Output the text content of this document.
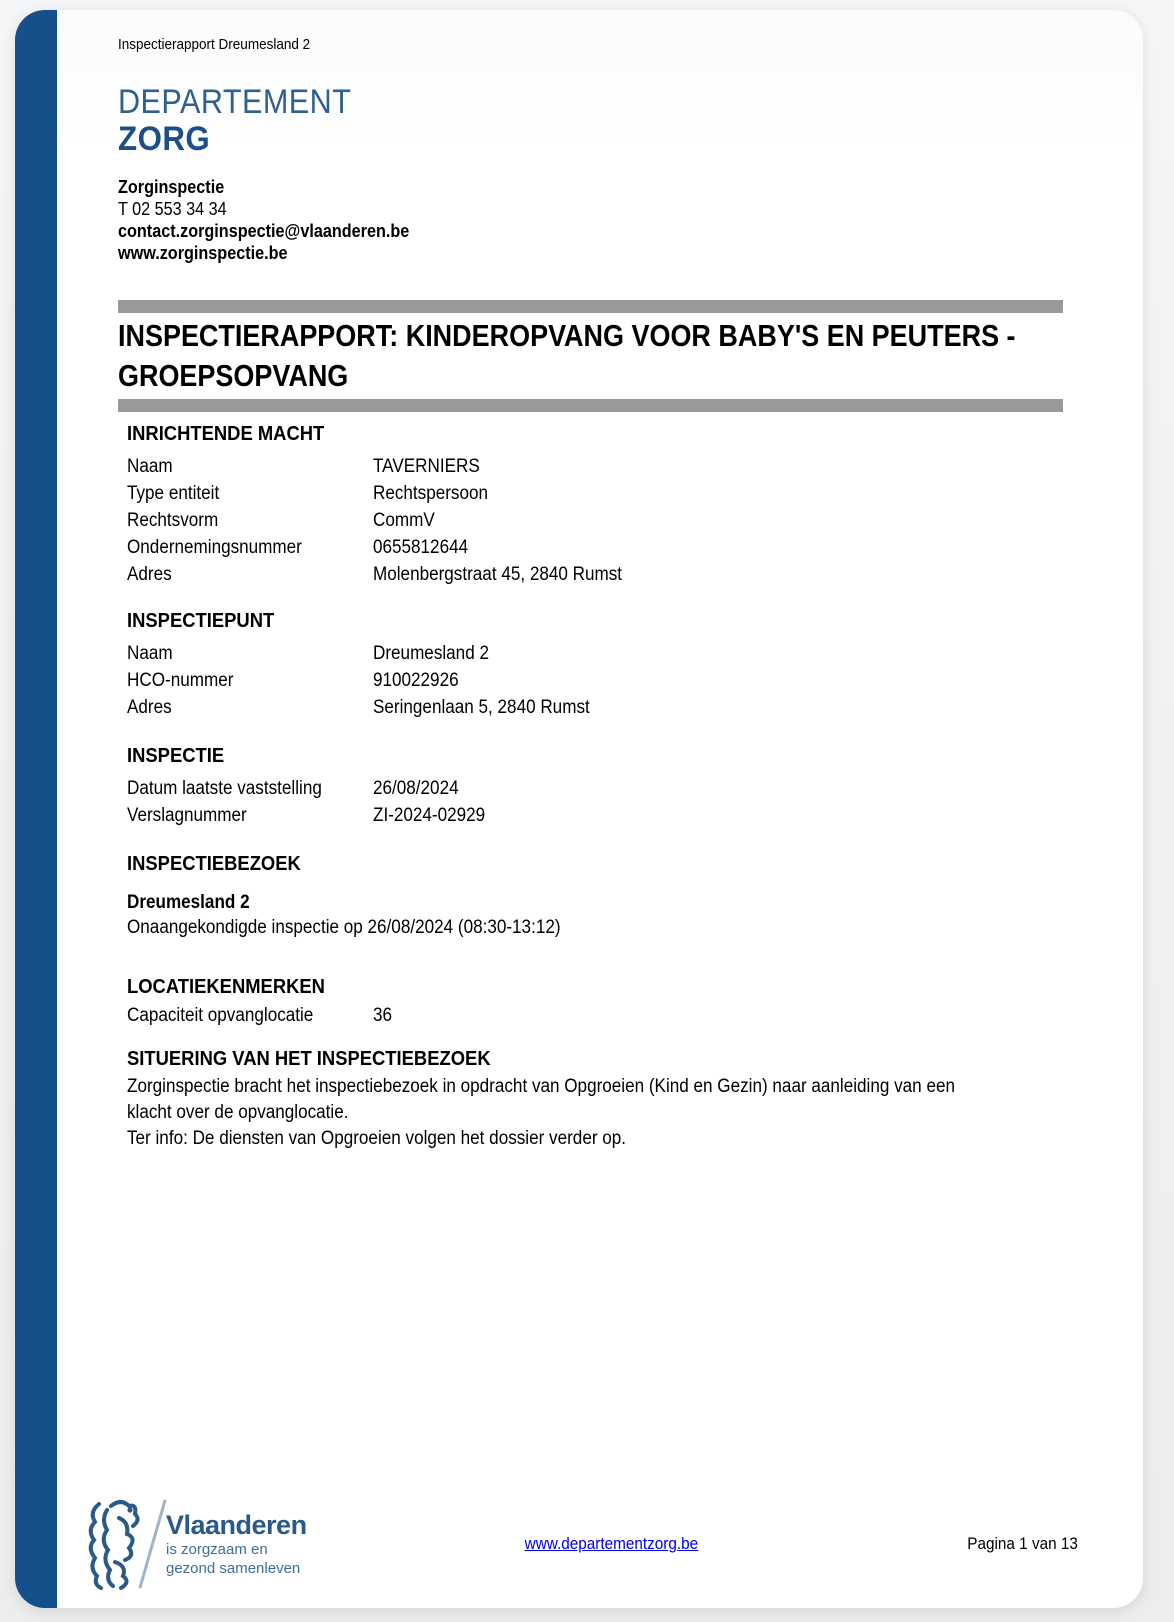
Inspectierapport Dreumesland 2
DEPARTEMENT
ZORG
Zorginspectie
T 02 553 34 34
contact.zorginspectie@vlaanderen.be
www.zorginspectie.be
INSPECTIERAPPORT: KINDEROPVANG VOOR BABY'S EN PEUTERS -
GROEPSOPVANG
INRICHTENDE MACHT
Naam	TAVERNIERS
Type entiteit	Rechtspersoon
Rechtsvorm	CommV
Ondernemingsnummer	0655812644
Adres	Molenbergstraat 45, 2840 Rumst
INSPECTIEPUNT
Naam	Dreumesland 2
HCO-nummer	910022926
Adres	Seringenlaan 5, 2840 Rumst
INSPECTIE
Datum laatste vaststelling	26/08/2024
Verslagnummer	ZI-2024-02929
INSPECTIEBEZOEK
Dreumesland 2
Onaangekondigde inspectie op 26/08/2024 (08:30-13:12)
LOCATIEKENMERKEN
Capaciteit opvanglocatie	36
SITUERING VAN HET INSPECTIEBEZOEK
Zorginspectie bracht het inspectiebezoek in opdracht van Opgroeien (Kind en Gezin) naar aanleiding van een
klacht over de opvanglocatie.
Ter info: De diensten van Opgroeien volgen het dossier verder op.
Vlaanderen
is zorgzaam en
gezond samenleven
www.departementzorg.be	Pagina 1 van 13
